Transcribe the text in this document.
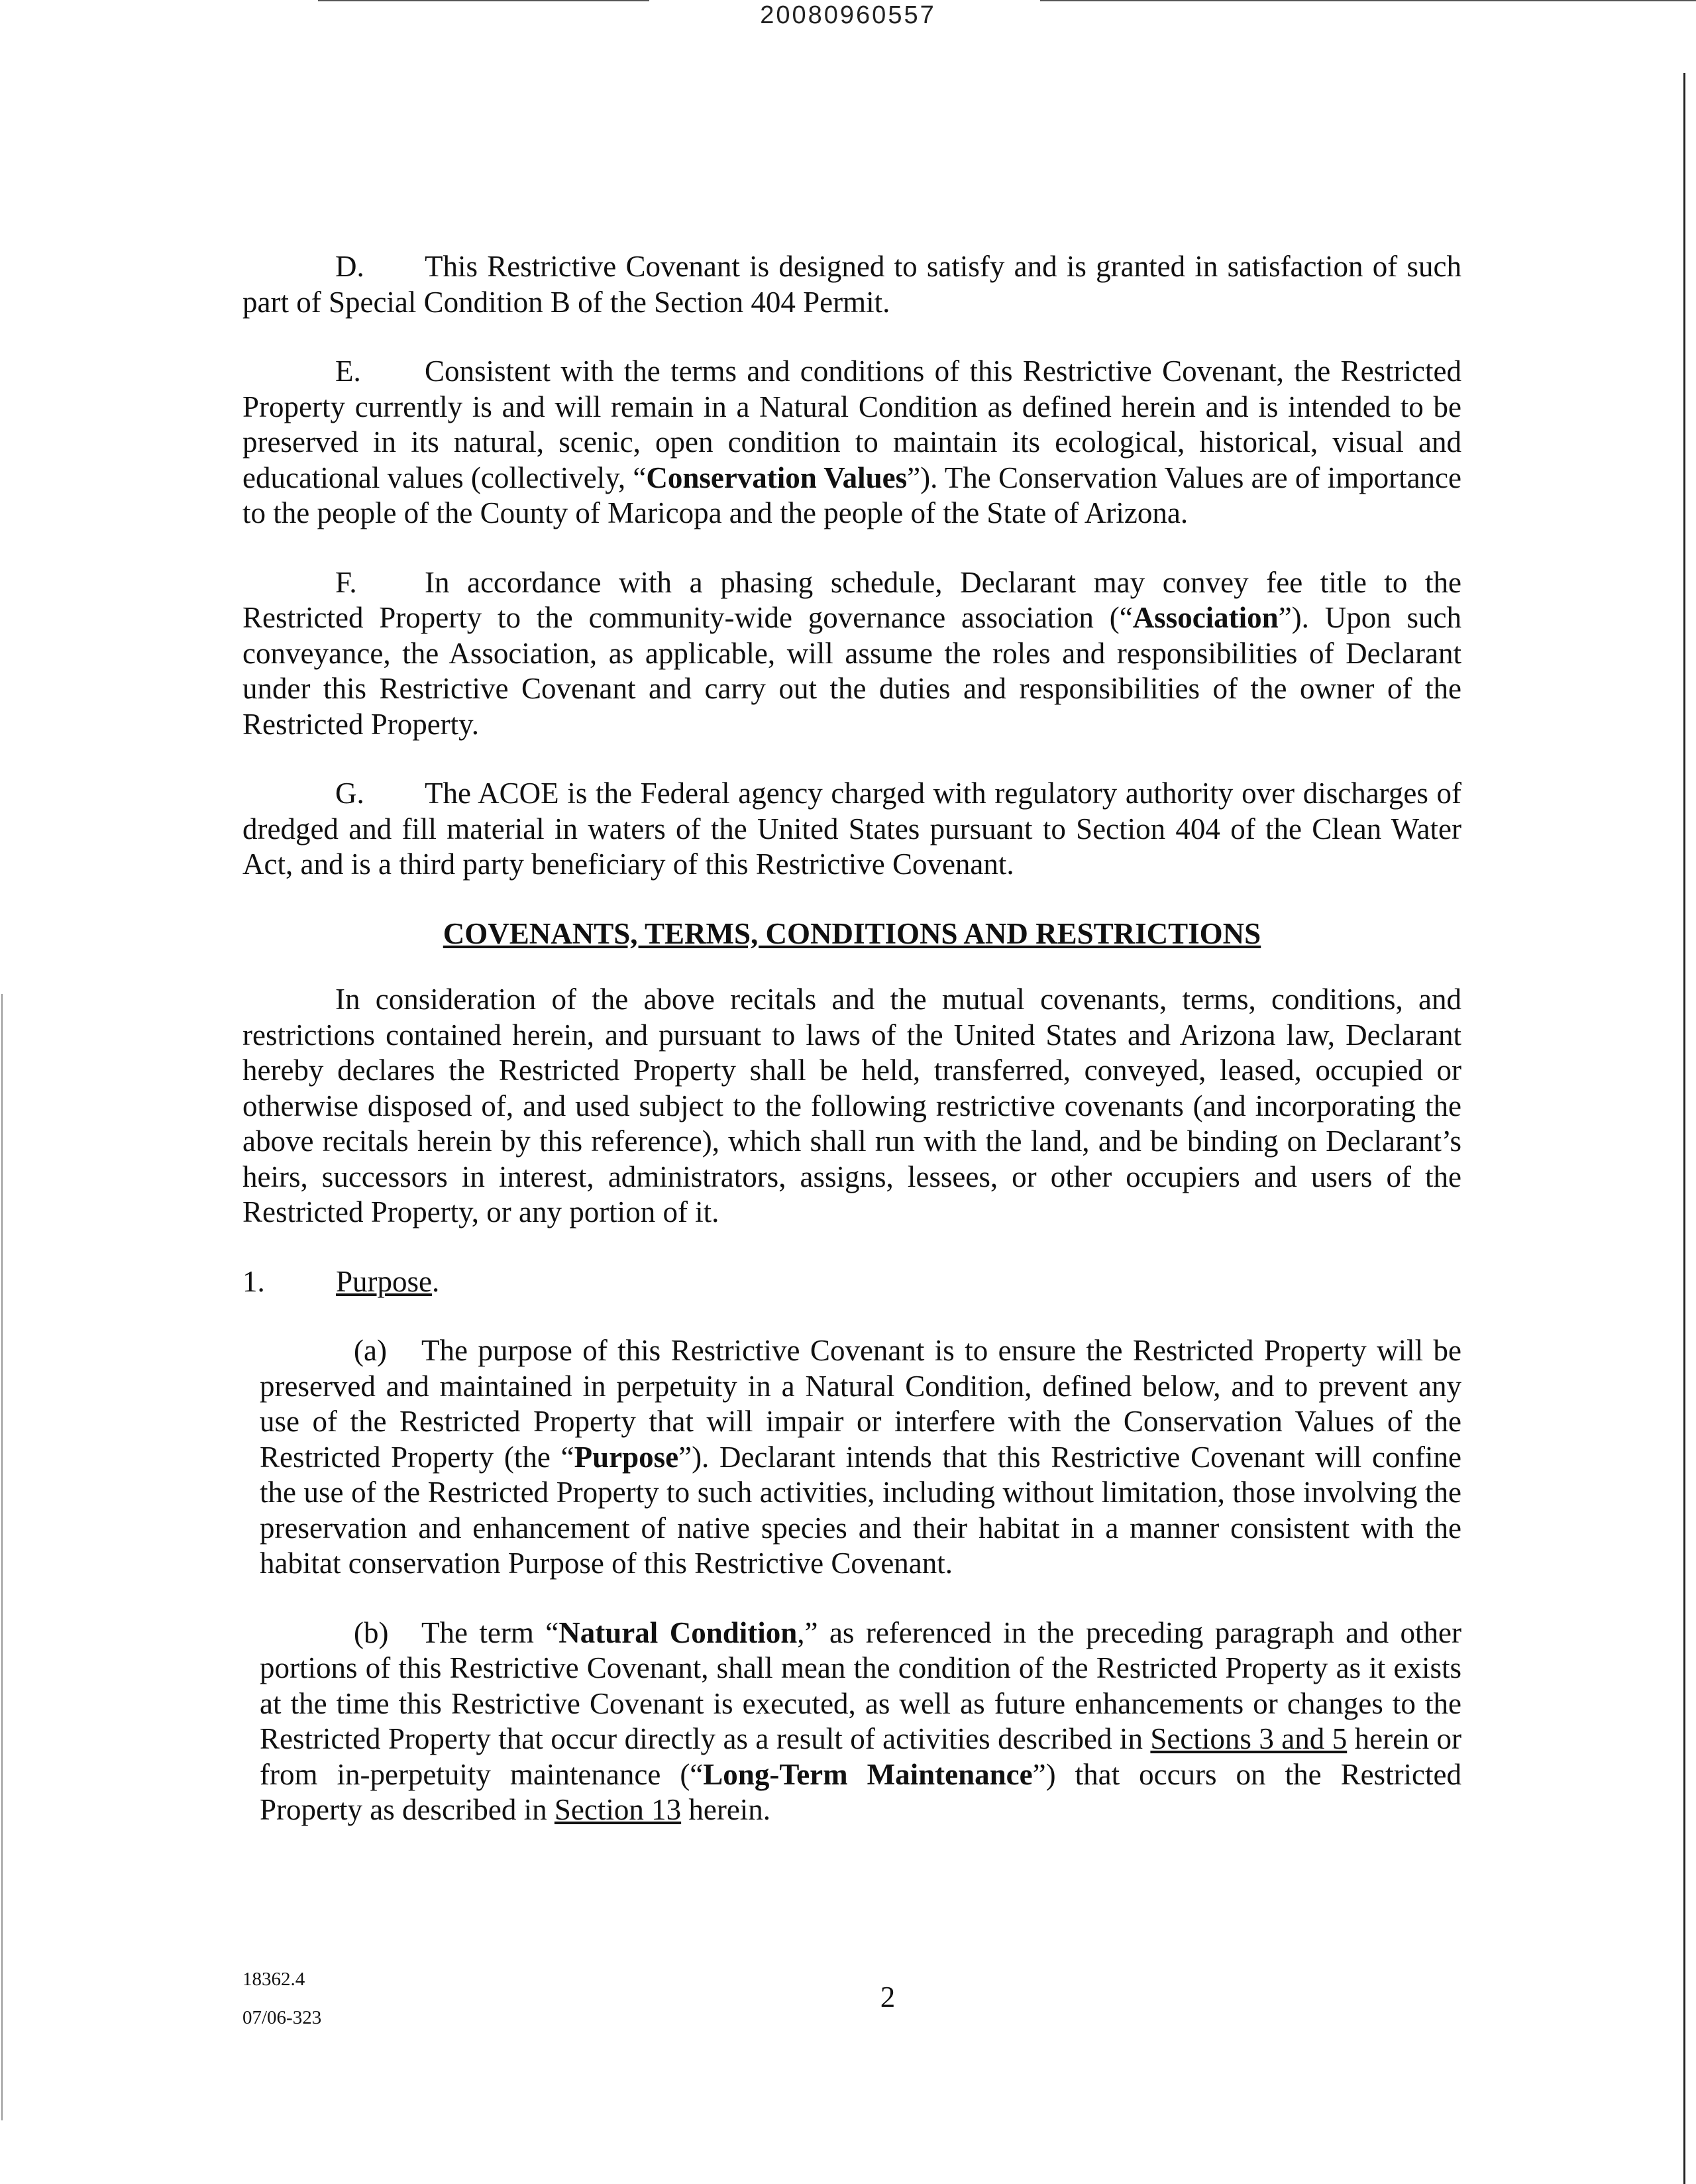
20080960557

D. This Restrictive Covenant is designed to satisfy and is granted in satisfaction of such part of Special Condition B of the Section 404 Permit.

E. Consistent with the terms and conditions of this Restrictive Covenant, the Restricted Property currently is and will remain in a Natural Condition as defined herein and is intended to be preserved in its natural, scenic, open condition to maintain its ecological, historical, visual and educational values (collectively, “Conservation Values”). The Conservation Values are of importance to the people of the County of Maricopa and the people of the State of Arizona.

F. In accordance with a phasing schedule, Declarant may convey fee title to the Restricted Property to the community-wide governance association (“Association”). Upon such conveyance, the Association, as applicable, will assume the roles and responsibilities of Declarant under this Restrictive Covenant and carry out the duties and responsibilities of the owner of the Restricted Property.

G. The ACOE is the Federal agency charged with regulatory authority over discharges of dredged and fill material in waters of the United States pursuant to Section 404 of the Clean Water Act, and is a third party beneficiary of this Restrictive Covenant.

COVENANTS, TERMS, CONDITIONS AND RESTRICTIONS

In consideration of the above recitals and the mutual covenants, terms, conditions, and restrictions contained herein, and pursuant to laws of the United States and Arizona law, Declarant hereby declares the Restricted Property shall be held, transferred, conveyed, leased, occupied or otherwise disposed of, and used subject to the following restrictive covenants (and incorporating the above recitals herein by this reference), which shall run with the land, and be binding on Declarant’s heirs, successors in interest, administrators, assigns, lessees, or other occupiers and users of the Restricted Property, or any portion of it.

1. Purpose.

(a) The purpose of this Restrictive Covenant is to ensure the Restricted Property will be preserved and maintained in perpetuity in a Natural Condition, defined below, and to prevent any use of the Restricted Property that will impair or interfere with the Conservation Values of the Restricted Property (the “Purpose”). Declarant intends that this Restrictive Covenant will confine the use of the Restricted Property to such activities, including without limitation, those involving the preservation and enhancement of native species and their habitat in a manner consistent with the habitat conservation Purpose of this Restrictive Covenant.

(b) The term “Natural Condition,” as referenced in the preceding paragraph and other portions of this Restrictive Covenant, shall mean the condition of the Restricted Property as it exists at the time this Restrictive Covenant is executed, as well as future enhancements or changes to the Restricted Property that occur directly as a result of activities described in Sections 3 and 5 herein or from in-perpetuity maintenance (“Long-Term Maintenance”) that occurs on the Restricted Property as described in Section 13 herein.

18362.4
07/06-323
2
